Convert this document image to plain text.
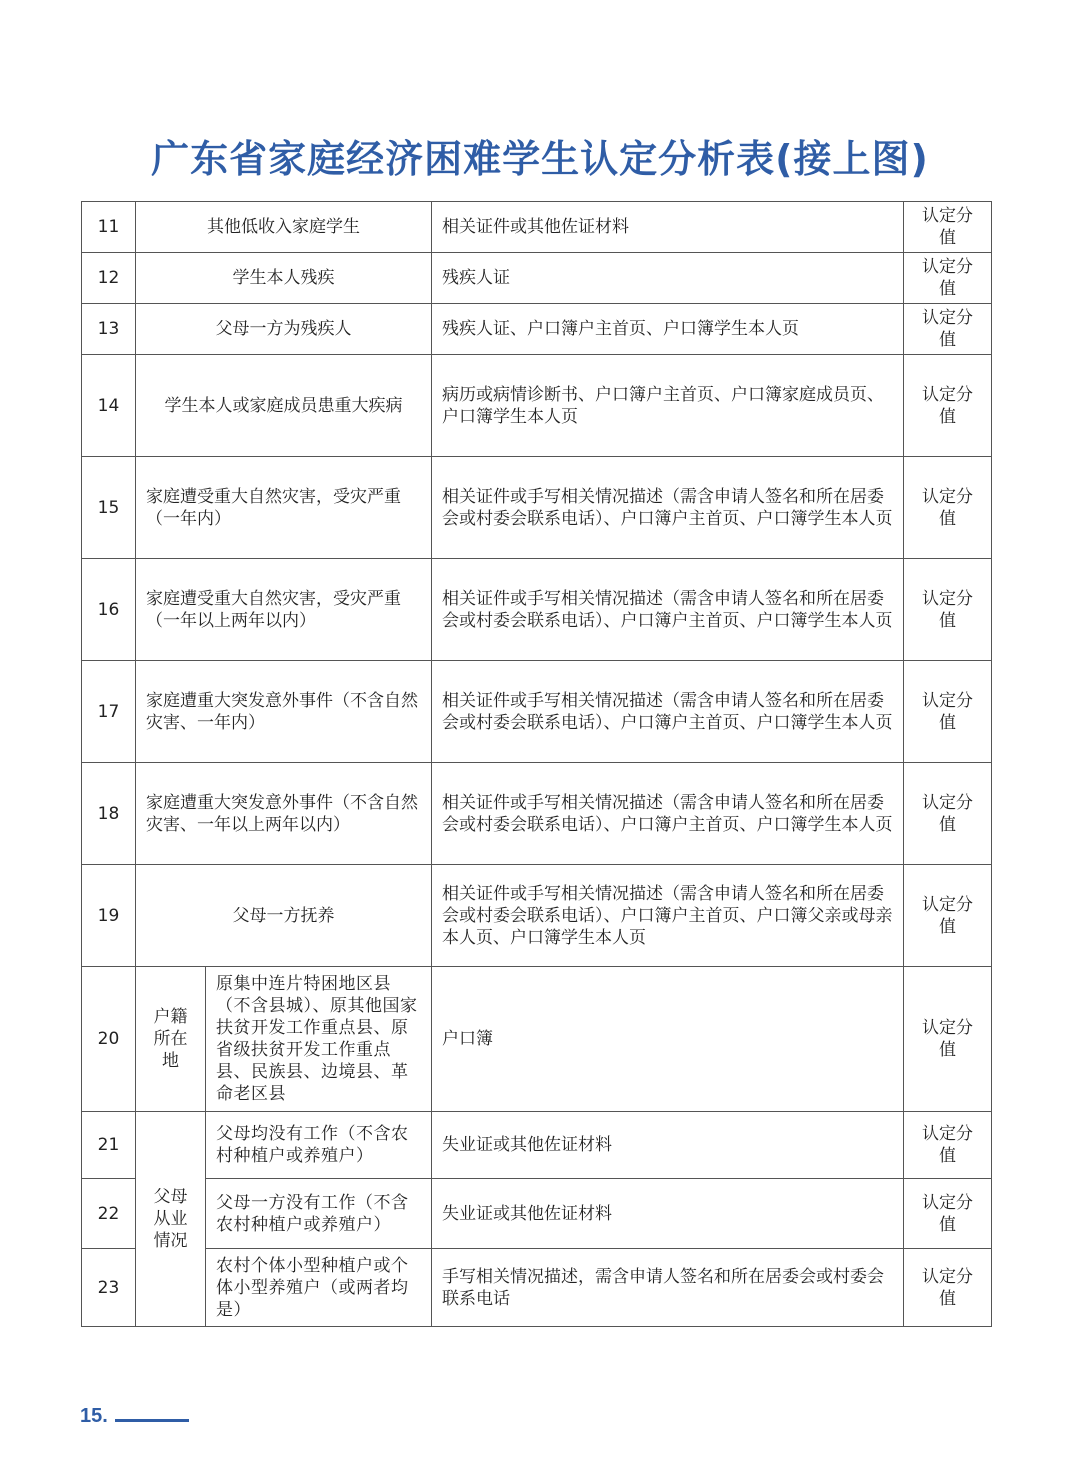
广东省家庭经济困难学生认定分析表(接上图)
11	其他低收入家庭学生		相关证件或其他佐证材料	认定分值
12	学生本人残疾		残疾人证	认定分值
13	父母一方为残疾人		残疾人证、户口簿户主首页、户口簿学生本人页	认定分值
14	学生本人或家庭成员患重大疾病		病历或病情诊断书、户口簿户主首页、户口簿家庭成员页、户口簿学生本人页	认定分值
15	家庭遭受重大自然灾害，受灾严重（一年内）		相关证件或手写相关情况描述（需含申请人签名和所在居委会或村委会联系电话）、户口簿户主首页、户口簿学生本人页	认定分值
16	家庭遭受重大自然灾害，受灾严重（一年以上两年以内）		相关证件或手写相关情况描述（需含申请人签名和所在居委会或村委会联系电话）、户口簿户主首页、户口簿学生本人页	认定分值
17	家庭遭重大突发意外事件（不含自然灾害、一年内）		相关证件或手写相关情况描述（需含申请人签名和所在居委会或村委会联系电话）、户口簿户主首页、户口簿学生本人页	认定分值
18	家庭遭重大突发意外事件（不含自然灾害、一年以上两年以内）		相关证件或手写相关情况描述（需含申请人签名和所在居委会或村委会联系电话）、户口簿户主首页、户口簿学生本人页	认定分值
19	父母一方抚养		相关证件或手写相关情况描述（需含申请人签名和所在居委会或村委会联系电话）、户口簿户主首页、户口簿父亲或母亲本人页、户口簿学生本人页	认定分值
20	户籍所在地	原集中连片特困地区县（不含县城）、原其他国家扶贫开发工作重点县、原省级扶贫开发工作重点县、民族县、边境县、革命老区县	户口簿	认定分值
21	父母从业情况	父母均没有工作（不含农村种植户或养殖户）	失业证或其他佐证材料	认定分值
22		父母一方没有工作（不含农村种植户或养殖户）	失业证或其他佐证材料	认定分值
23		农村个体小型种植户或个体小型养殖户（或两者均是）	手写相关情况描述，需含申请人签名和所在居委会或村委会联系电话	认定分值
15.
